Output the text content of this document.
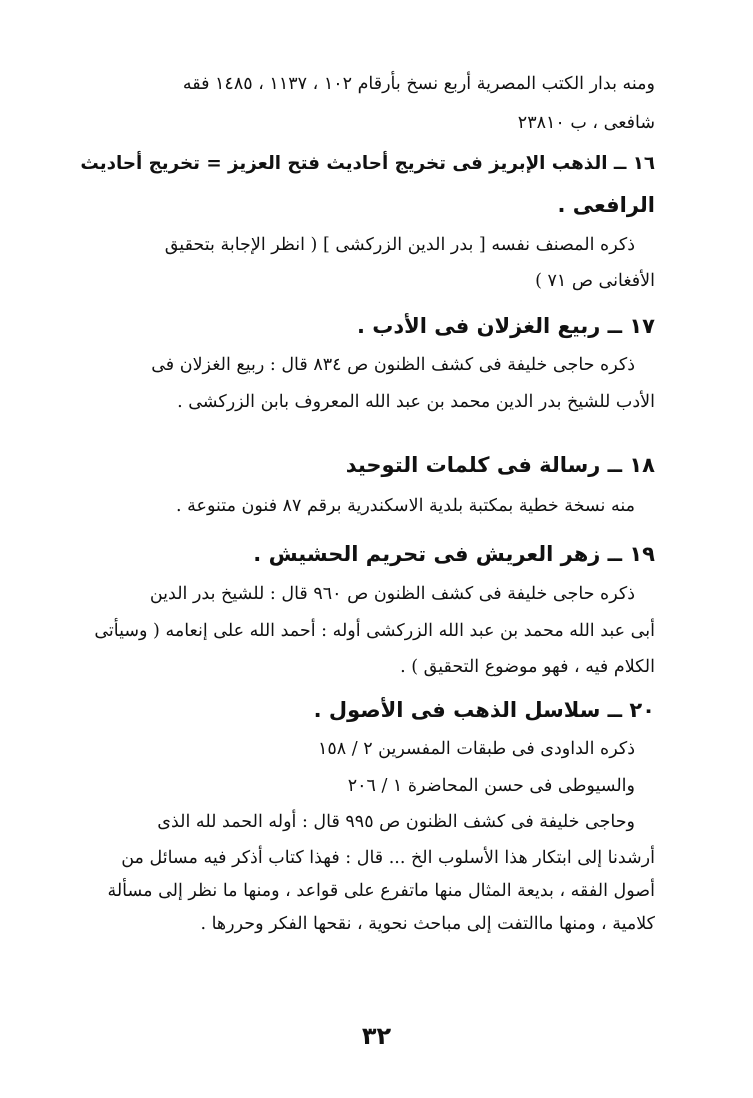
ومنه بدار الكتب المصرية أربع نسخ بأرقام ١٠٢ ، ١١٣٧ ، ١٤٨٥ فقه
شافعى ، ب ٢٣٨١٠
١٦ ــ الذهب الإبريز فى تخريج أحاديث فتح العزيز = تخريج أحاديث
الرافعى .
ذكره المصنف نفسه [ بدر الدين الزركشى ] ( انظر الإجابة بتحقيق
الأفغانى ص ٧١ )
١٧ ــ ربيع الغزلان فى الأدب .
ذكره حاجى خليفة فى كشف الظنون ص ٨٣٤ قال : ربيع الغزلان فى
الأدب للشيخ بدر الدين محمد بن عبد الله المعروف بابن الزركشى .
١٨ ــ رسالة فى كلمات التوحيد
منه نسخة خطية بمكتبة بلدية الاسكندرية برقم ٨٧ فنون متنوعة .
١٩ ــ زهر العريش فى تحريم الحشيش .
ذكره حاجى خليفة فى كشف الظنون ص ٩٦٠ قال : للشيخ بدر الدين
أبى عبد الله محمد بن عبد الله الزركشى أوله : أحمد الله على إنعامه ( وسيأتى
الكلام فيه ، فهو موضوع التحقيق ) .
٢٠ ــ سلاسل الذهب فى الأصول .
ذكره الداودى فى طبقات المفسرين ٢ / ١٥٨
والسيوطى فى حسن المحاضرة ١ / ٢٠٦
وحاجى خليفة فى كشف الظنون ص ٩٩٥ قال : أوله الحمد لله الذى
أرشدنا إلى ابتكار هذا الأسلوب الخ ... قال : فهذا كتاب أذكر فيه مسائل من
أصول الفقه ، بديعة المثال منها ماتفرع على قواعد ، ومنها ما نظر إلى مسألة
كلامية ، ومنها ماالتفت إلى مباحث نحوية ، نقحها الفكر وحررها .
٣٢
